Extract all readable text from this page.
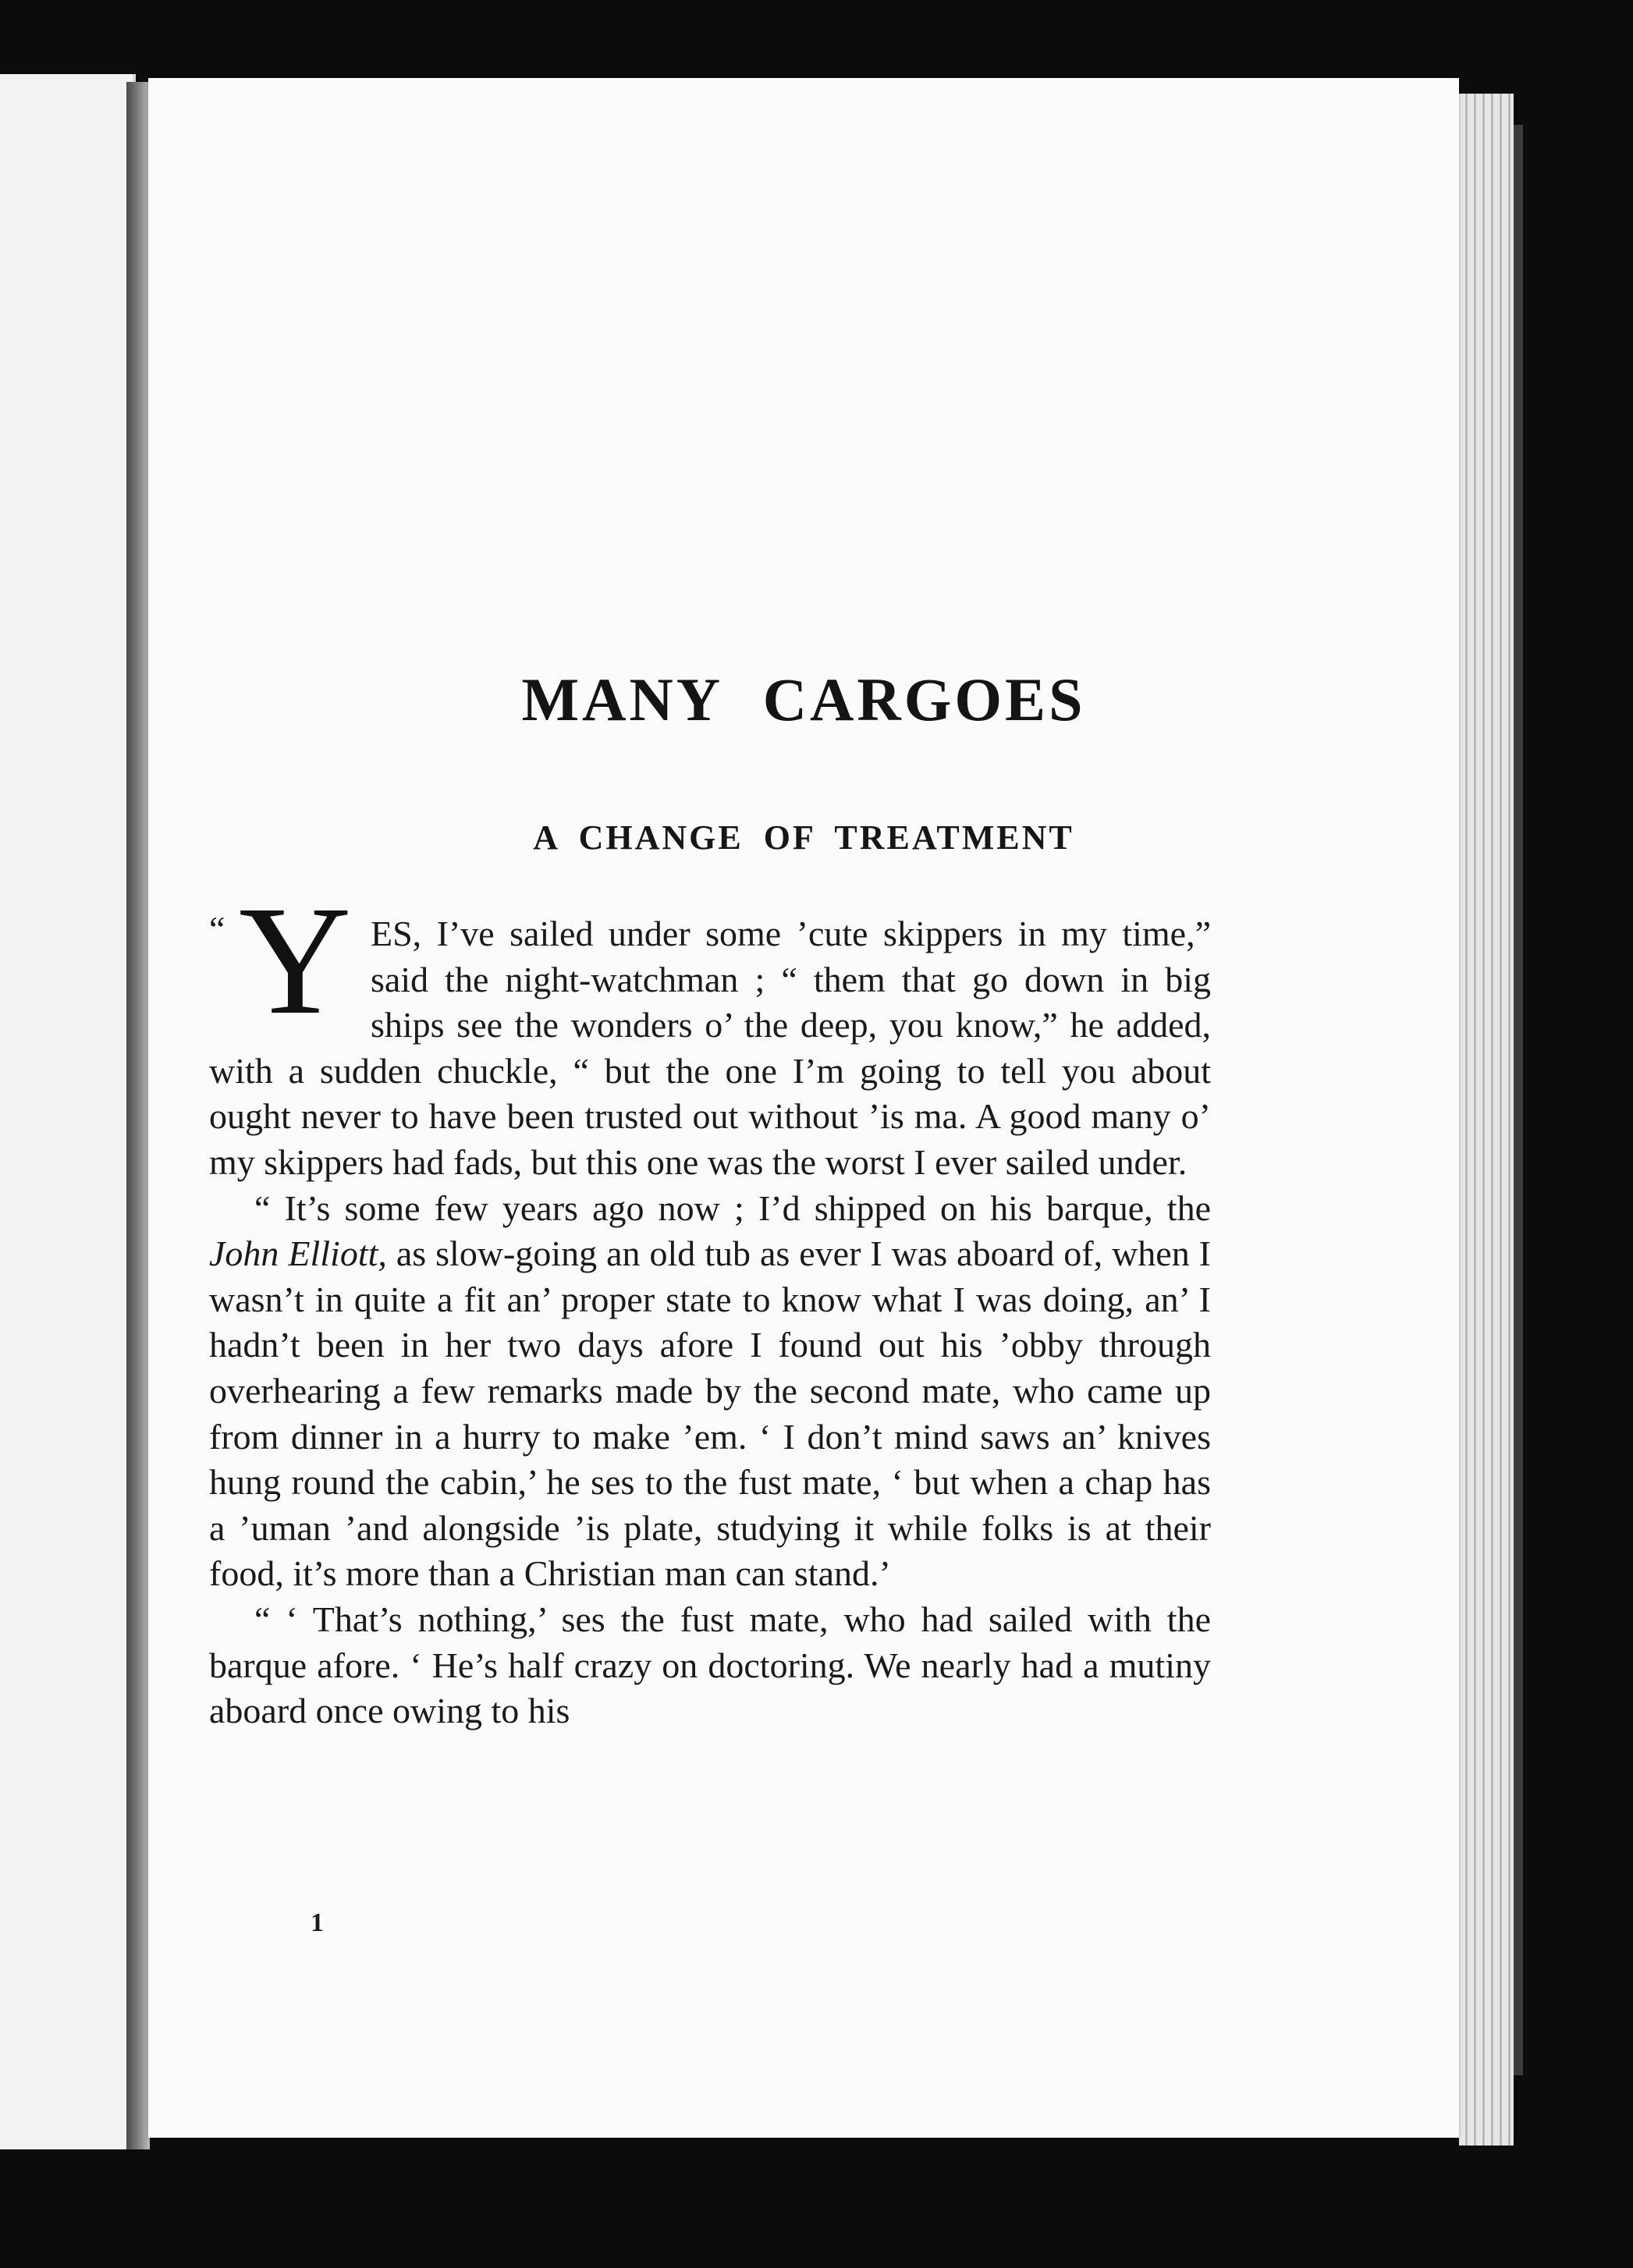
MANY CARGOES
A CHANGE OF TREATMENT

“ Y ES, I’ve sailed under some ’cute skippers in my time,” said the night-watchman ; “ them that go down in big ships see the wonders o’ the deep, you know,” he added, with a sudden chuckle, “ but the one I’m going to tell you about ought never to have been trusted out without ’is ma. A good many o’ my skippers had fads, but this one was the worst I ever sailed under.

“ It’s some few years ago now ; I’d shipped on his barque, the John Elliott, as slow-going an old tub as ever I was aboard of, when I wasn’t in quite a fit an’ proper state to know what I was doing, an’ I hadn’t been in her two days afore I found out his ’obby through overhearing a few remarks made by the second mate, who came up from dinner in a hurry to make ’em. ‘ I don’t mind saws an’ knives hung round the cabin,’ he ses to the fust mate, ‘ but when a chap has a ’uman ’and alongside ’is plate, studying it while folks is at their food, it’s more than a Christian man can stand.’

“ ‘ That’s nothing,’ ses the fust mate, who had sailed with the barque afore. ‘ He’s half crazy on doctoring. We nearly had a mutiny aboard once owing to his

1
